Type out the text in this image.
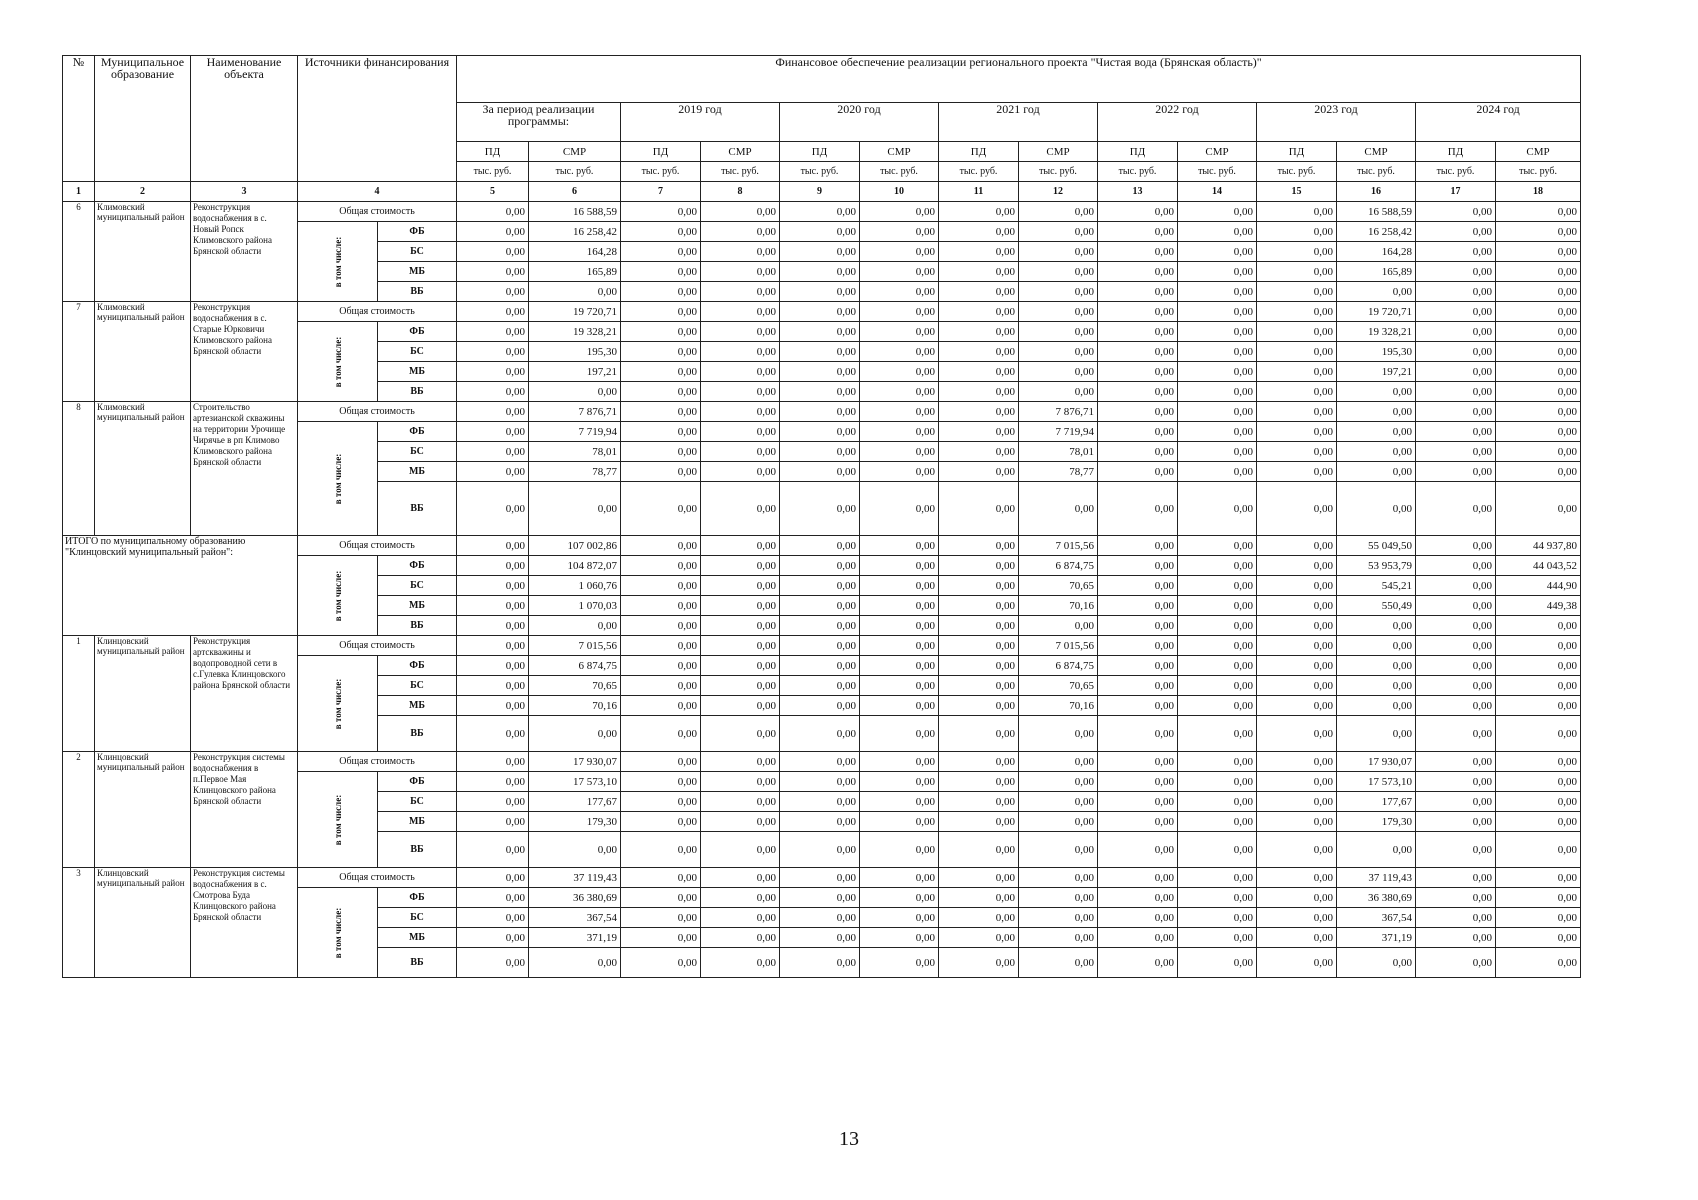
№	Муниципальное образование	Наименование объекта	Источники финансирования		Финансовое обеспечение реализации регионального проекта "Чистая вода (Брянская область)"													
					За период реализации программы:		2019 год		2020 год		2021 год		2022 год		2023 год		2024 год	
					ПД	СМР	ПД	СМР	ПД	СМР	ПД	СМР	ПД	СМР	ПД	СМР	ПД	СМР
					тыс. руб.	тыс. руб.	тыс. руб.	тыс. руб.	тыс. руб.	тыс. руб.	тыс. руб.	тыс. руб.	тыс. руб.	тыс. руб.	тыс. руб.	тыс. руб.	тыс. руб.	тыс. руб.
1	2	3	4		5	6	7	8	9	10	11	12	13	14	15	16	17	18
6	Климовский муниципальный район	Реконструкция водоснабжения в с. Новый Ропск Климовского района Брянской области	Общая стоимость		0,00	16 588,59	0,00	0,00	0,00	0,00	0,00	0,00	0,00	0,00	0,00	16 588,59	0,00	0,00

			в том числе:	ФБ	0,00	16 258,42	0,00	0,00	0,00	0,00	0,00	0,00	0,00	0,00	0,00	16 258,42	0,00	0,00
				БС	0,00	164,28	0,00	0,00	0,00	0,00	0,00	0,00	0,00	0,00	0,00	164,28	0,00	0,00
				МБ	0,00	165,89	0,00	0,00	0,00	0,00	0,00	0,00	0,00	0,00	0,00	165,89	0,00	0,00
				ВБ	0,00	0,00	0,00	0,00	0,00	0,00	0,00	0,00	0,00	0,00	0,00	0,00	0,00	0,00
7	Климовский муниципальный район	Реконструкция водоснабжения в с. Старые Юрковичи Климовского района Брянской области	Общая стоимость		0,00	19 720,71	0,00	0,00	0,00	0,00	0,00	0,00	0,00	0,00	0,00	19 720,71	0,00	0,00

			в том числе:	ФБ	0,00	19 328,21	0,00	0,00	0,00	0,00	0,00	0,00	0,00	0,00	0,00	19 328,21	0,00	0,00
				БС	0,00	195,30	0,00	0,00	0,00	0,00	0,00	0,00	0,00	0,00	0,00	195,30	0,00	0,00
				МБ	0,00	197,21	0,00	0,00	0,00	0,00	0,00	0,00	0,00	0,00	0,00	197,21	0,00	0,00
				ВБ	0,00	0,00	0,00	0,00	0,00	0,00	0,00	0,00	0,00	0,00	0,00	0,00	0,00	0,00
8	Климовский муниципальный район	Строительство артезианской скважины на территории Урочище Чирячье в рп Климово Климовского района Брянской области	Общая стоимость		0,00	7 876,71	0,00	0,00	0,00	0,00	0,00	7 876,71	0,00	0,00	0,00	0,00	0,00	0,00

			в том числе:	ФБ	0,00	7 719,94	0,00	0,00	0,00	0,00	0,00	7 719,94	0,00	0,00	0,00	0,00	0,00	0,00
				БС	0,00	78,01	0,00	0,00	0,00	0,00	0,00	78,01	0,00	0,00	0,00	0,00	0,00	0,00
				МБ	0,00	78,77	0,00	0,00	0,00	0,00	0,00	78,77	0,00	0,00	0,00	0,00	0,00	0,00
				ВБ	0,00	0,00	0,00	0,00	0,00	0,00	0,00	0,00	0,00	0,00	0,00	0,00	0,00	0,00
ИТОГО по муниципальному образованию "Клинцовский муниципальный район":			Общая стоимость		0,00	107 002,86	0,00	0,00	0,00	0,00	0,00	7 015,56	0,00	0,00	0,00	55 049,50	0,00	44 937,80

			в том числе:	ФБ	0,00	104 872,07	0,00	0,00	0,00	0,00	0,00	6 874,75	0,00	0,00	0,00	53 953,79	0,00	44 043,52
				БС	0,00	1 060,76	0,00	0,00	0,00	0,00	0,00	70,65	0,00	0,00	0,00	545,21	0,00	444,90
				МБ	0,00	1 070,03	0,00	0,00	0,00	0,00	0,00	70,16	0,00	0,00	0,00	550,49	0,00	449,38
				ВБ	0,00	0,00	0,00	0,00	0,00	0,00	0,00	0,00	0,00	0,00	0,00	0,00	0,00	0,00
1	Клинцовский муниципальный район	Реконструкция артскважины и водопроводной сети в с.Гулевка Клинцовского района Брянской области	Общая стоимость		0,00	7 015,56	0,00	0,00	0,00	0,00	0,00	7 015,56	0,00	0,00	0,00	0,00	0,00	0,00

			в том числе:	ФБ	0,00	6 874,75	0,00	0,00	0,00	0,00	0,00	6 874,75	0,00	0,00	0,00	0,00	0,00	0,00
				БС	0,00	70,65	0,00	0,00	0,00	0,00	0,00	70,65	0,00	0,00	0,00	0,00	0,00	0,00
				МБ	0,00	70,16	0,00	0,00	0,00	0,00	0,00	70,16	0,00	0,00	0,00	0,00	0,00	0,00
				ВБ	0,00	0,00	0,00	0,00	0,00	0,00	0,00	0,00	0,00	0,00	0,00	0,00	0,00	0,00
2	Клинцовский муниципальный район	Реконструкция системы водоснабжения в п.Первое Мая Клинцовского района Брянской области	Общая стоимость		0,00	17 930,07	0,00	0,00	0,00	0,00	0,00	0,00	0,00	0,00	0,00	17 930,07	0,00	0,00

			в том числе:	ФБ	0,00	17 573,10	0,00	0,00	0,00	0,00	0,00	0,00	0,00	0,00	0,00	17 573,10	0,00	0,00
				БС	0,00	177,67	0,00	0,00	0,00	0,00	0,00	0,00	0,00	0,00	0,00	177,67	0,00	0,00
				МБ	0,00	179,30	0,00	0,00	0,00	0,00	0,00	0,00	0,00	0,00	0,00	179,30	0,00	0,00
				ВБ	0,00	0,00	0,00	0,00	0,00	0,00	0,00	0,00	0,00	0,00	0,00	0,00	0,00	0,00
3	Клинцовский муниципальный район	Реконструкция системы водоснабжения в с. Смотрова Буда Клинцовского района Брянской области	Общая стоимость		0,00	37 119,43	0,00	0,00	0,00	0,00	0,00	0,00	0,00	0,00	0,00	37 119,43	0,00	0,00

			в том числе:	ФБ	0,00	36 380,69	0,00	0,00	0,00	0,00	0,00	0,00	0,00	0,00	0,00	36 380,69	0,00	0,00
				БС	0,00	367,54	0,00	0,00	0,00	0,00	0,00	0,00	0,00	0,00	0,00	367,54	0,00	0,00
				МБ	0,00	371,19	0,00	0,00	0,00	0,00	0,00	0,00	0,00	0,00	0,00	371,19	0,00	0,00
				ВБ	0,00	0,00	0,00	0,00	0,00	0,00	0,00	0,00	0,00	0,00	0,00	0,00	0,00	0,00
13
